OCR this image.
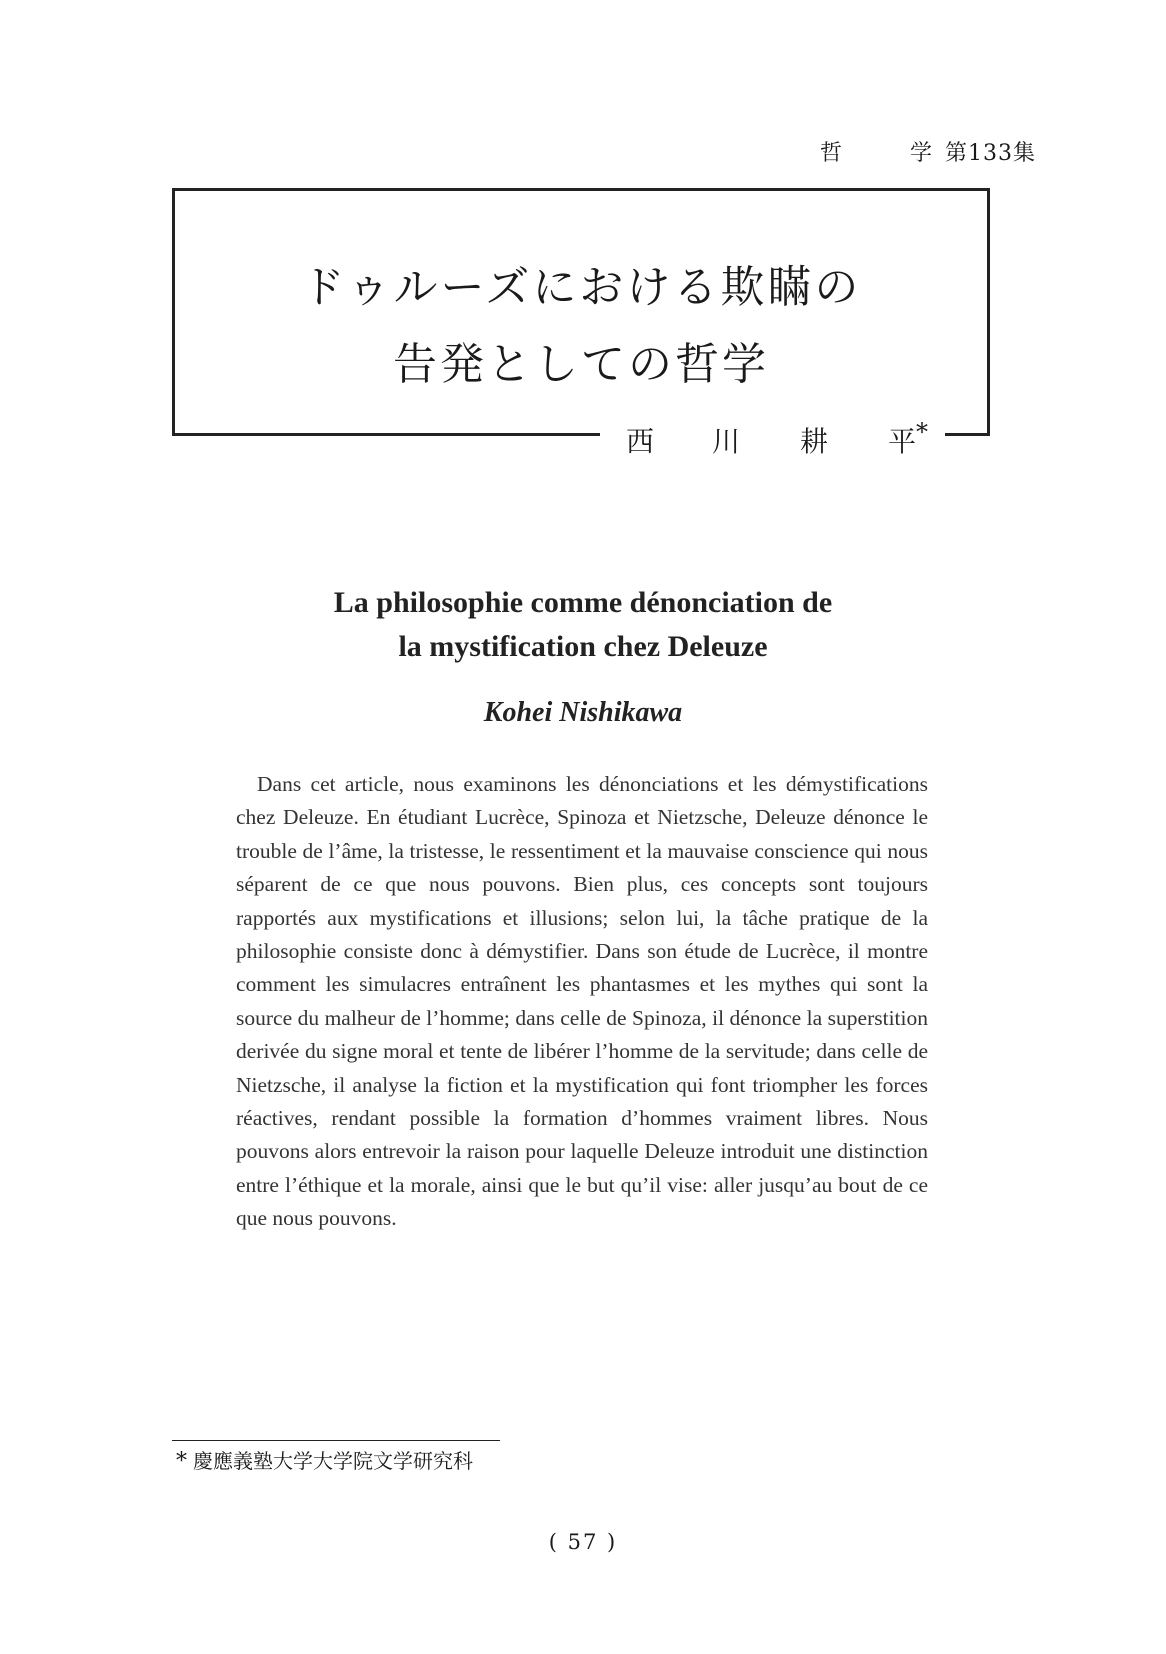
哲	学 第133集
ドゥルーズにおける欺瞞の
告発としての哲学
西 川 耕 平 *
La philosophie comme dénonciation de
la mystification chez Deleuze
Kohei Nishikawa

Dans cet article, nous examinons les dénonciations et les démystifications chez Deleuze. En étudiant Lucrèce, Spinoza et Nietzsche, Deleuze dénonce le trouble de l’âme, la tristesse, le ressentiment et la mauvaise conscience qui nous séparent de ce que nous pouvons. Bien plus, ces concepts sont toujours rapportés aux mystifications et illusions; selon lui, la tâche pratique de la philosophie consiste donc à démystifier. Dans son étude de Lucrèce, il montre comment les simulacres entraînent les phantasmes et les mythes qui sont la source du malheur de l’homme; dans celle de Spinoza, il dénonce la superstition derivée du signe moral et tente de libérer l’homme de la servitude; dans celle de Nietzsche, il analyse la fiction et la mystification qui font triompher les forces réactives, rendant possible la formation d’hommes vraiment libres. Nous pouvons alors entrevoir la raison pour laquelle Deleuze introduit une distinction entre l’éthique et la morale, ainsi que le but qu’il vise: aller jusqu’au bout de ce que nous pouvons.

* 慶應義塾大学大学院文学研究科
( 57 )
